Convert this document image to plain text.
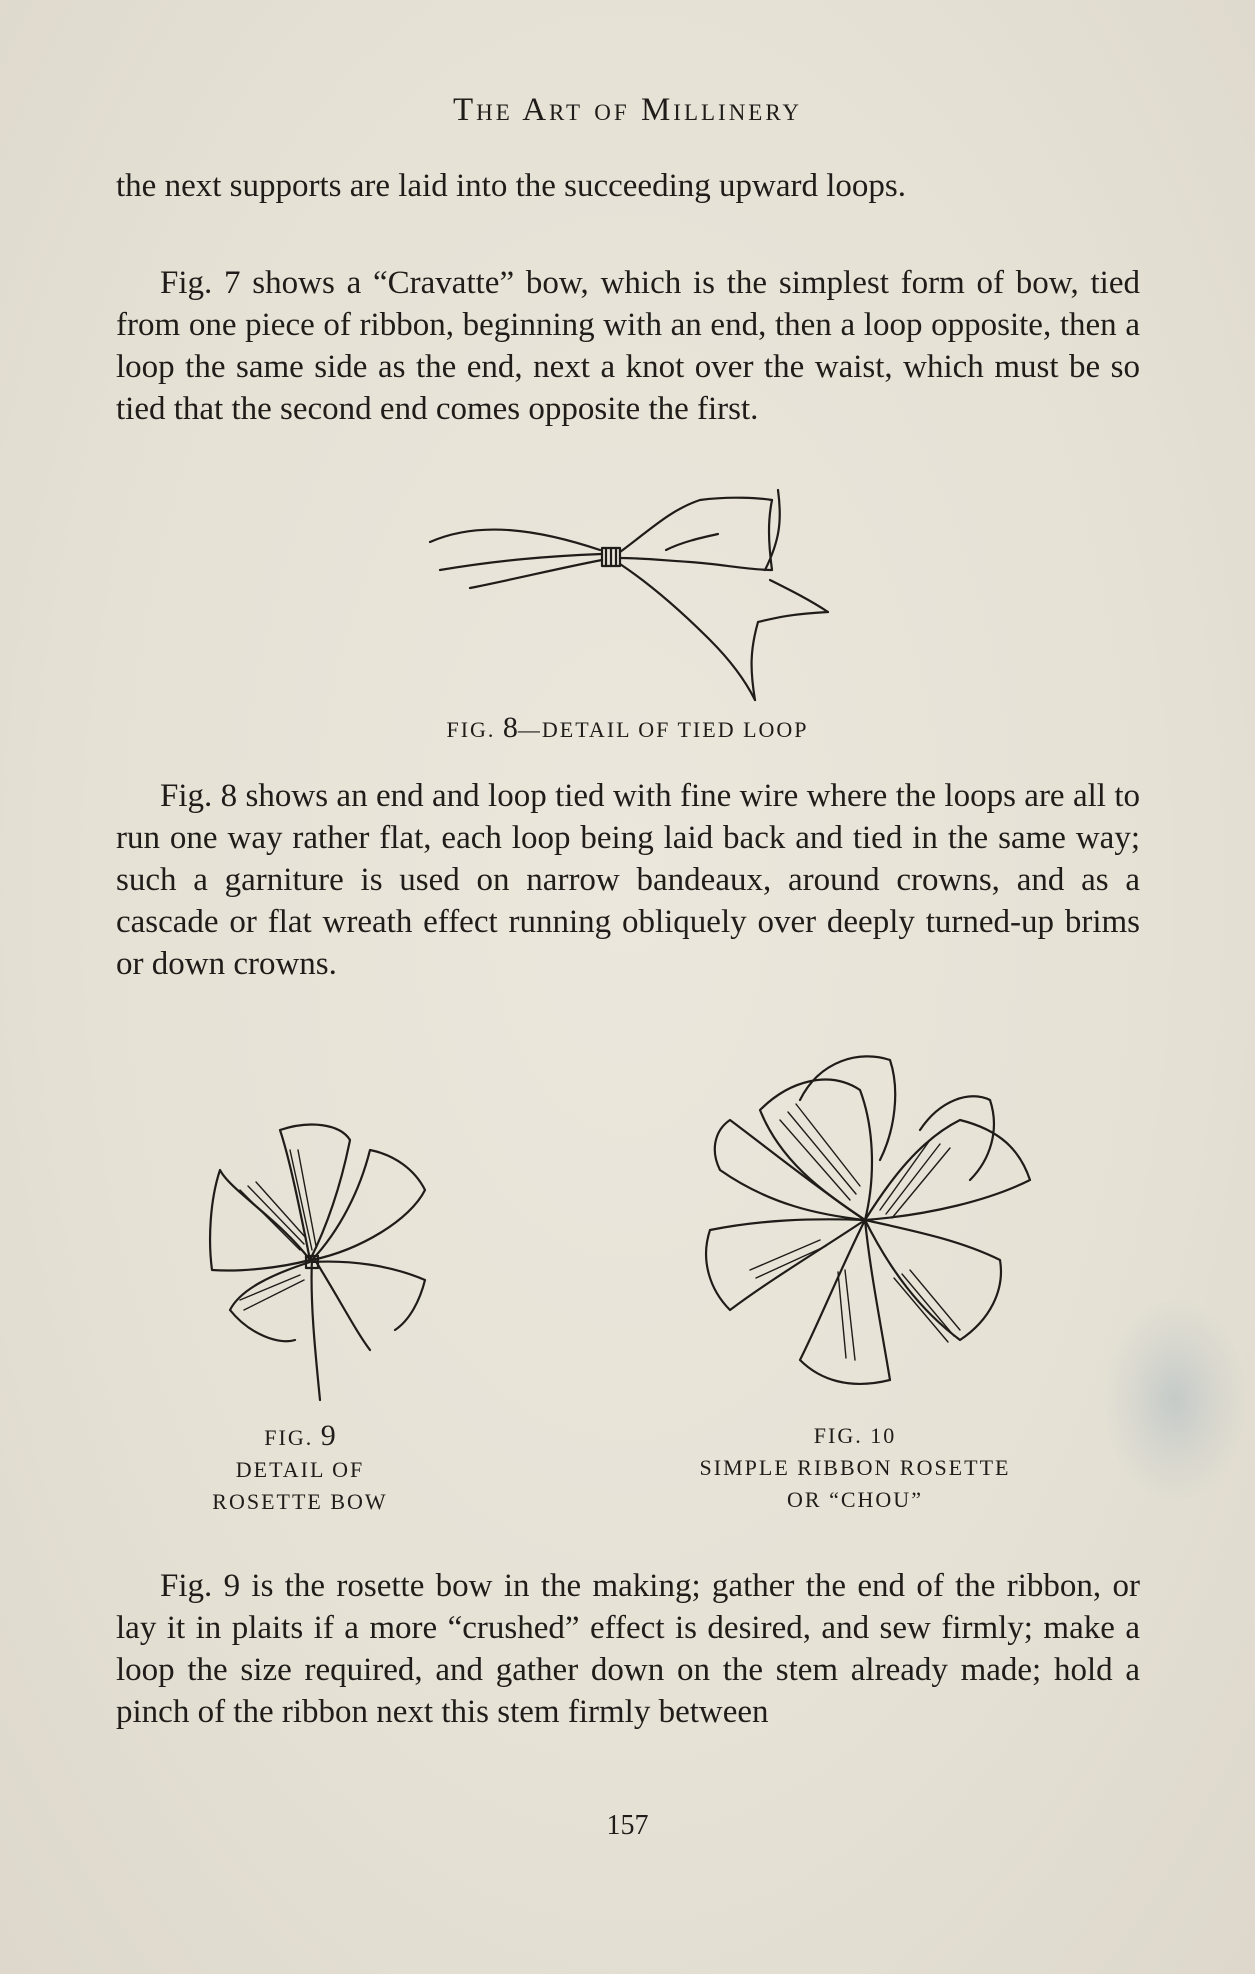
The Art of Millinery

the next supports are laid into the succeeding upward loops.

Fig. 7 shows a “Cravatte” bow, which is the simplest form of bow, tied from one piece of ribbon, beginning with an end, then a loop opposite, then a loop the same side as the end, next a knot over the waist, which must be so tied that the second end comes opposite the first.

FIG. 8—DETAIL OF TIED LOOP

Fig. 8 shows an end and loop tied with fine wire where the loops are all to run one way rather flat, each loop being laid back and tied in the same way; such a garniture is used on narrow bandeaux, around crowns, and as a cascade or flat wreath effect running obliquely over deeply turned-up brims or down crowns.

FIG. 9
DETAIL OF
ROSETTE BOW
FIG. 10
SIMPLE RIBBON ROSETTE
OR “CHOU”

Fig. 9 is the rosette bow in the making; gather the end of the ribbon, or lay it in plaits if a more “crushed” effect is desired, and sew firmly; make a loop the size required, and gather down on the stem already made; hold a pinch of the ribbon next this stem firmly between

157
